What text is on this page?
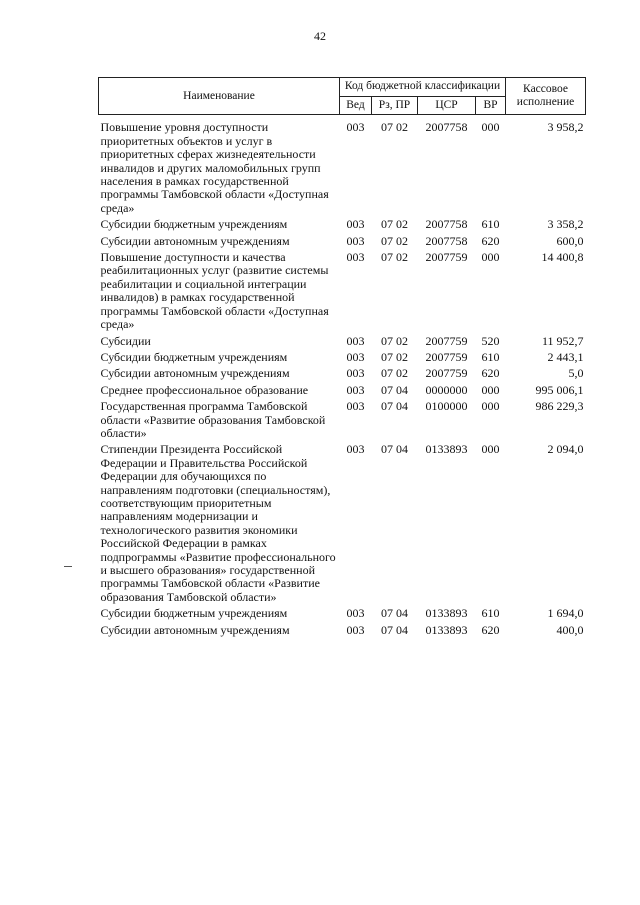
42
Наименование	Код бюджетной классификации				Кассовое исполнение
	Вед	Рз, ПР	ЦСР	ВР	
Повышение уровня доступности приоритетных объектов и услуг в приоритетных сферах жизнедеятельности инвалидов и других маломобильных групп населения в рамках государственной программы Тамбовской области «Доступная среда»	003	07 02	2007758	000	3 958,2
Субсидии бюджетным учреждениям	003	07 02	2007758	610	3 358,2
Субсидии автономным учреждениям	003	07 02	2007758	620	600,0
Повышение доступности и качества реабилитационных услуг (развитие системы реабилитации и социальной интеграции инвалидов) в рамках государственной программы Тамбовской области «Доступная среда»	003	07 02	2007759	000	14 400,8
Субсидии	003	07 02	2007759	520	11 952,7
Субсидии бюджетным учреждениям	003	07 02	2007759	610	2 443,1
Субсидии автономным учреждениям	003	07 02	2007759	620	5,0
Среднее профессиональное образование	003	07 04	0000000	000	995 006,1
Государственная программа Тамбовской области «Развитие образования Тамбовской области»	003	07 04	0100000	000	986 229,3
Стипендии Президента Российской Федерации и Правительства Российской Федерации для обучающихся по направлениям подготовки (специальностям), соответствующим приоритетным направлениям модернизации и технологического развития экономики Российской Федерации в рамках подпрограммы «Развитие профессионального и высшего образования» государственной программы Тамбовской области «Развитие образования Тамбовской области»	003	07 04	0133893	000	2 094,0
Субсидии бюджетным учреждениям	003	07 04	0133893	610	1 694,0
Субсидии автономным учреждениям	003	07 04	0133893	620	400,0
